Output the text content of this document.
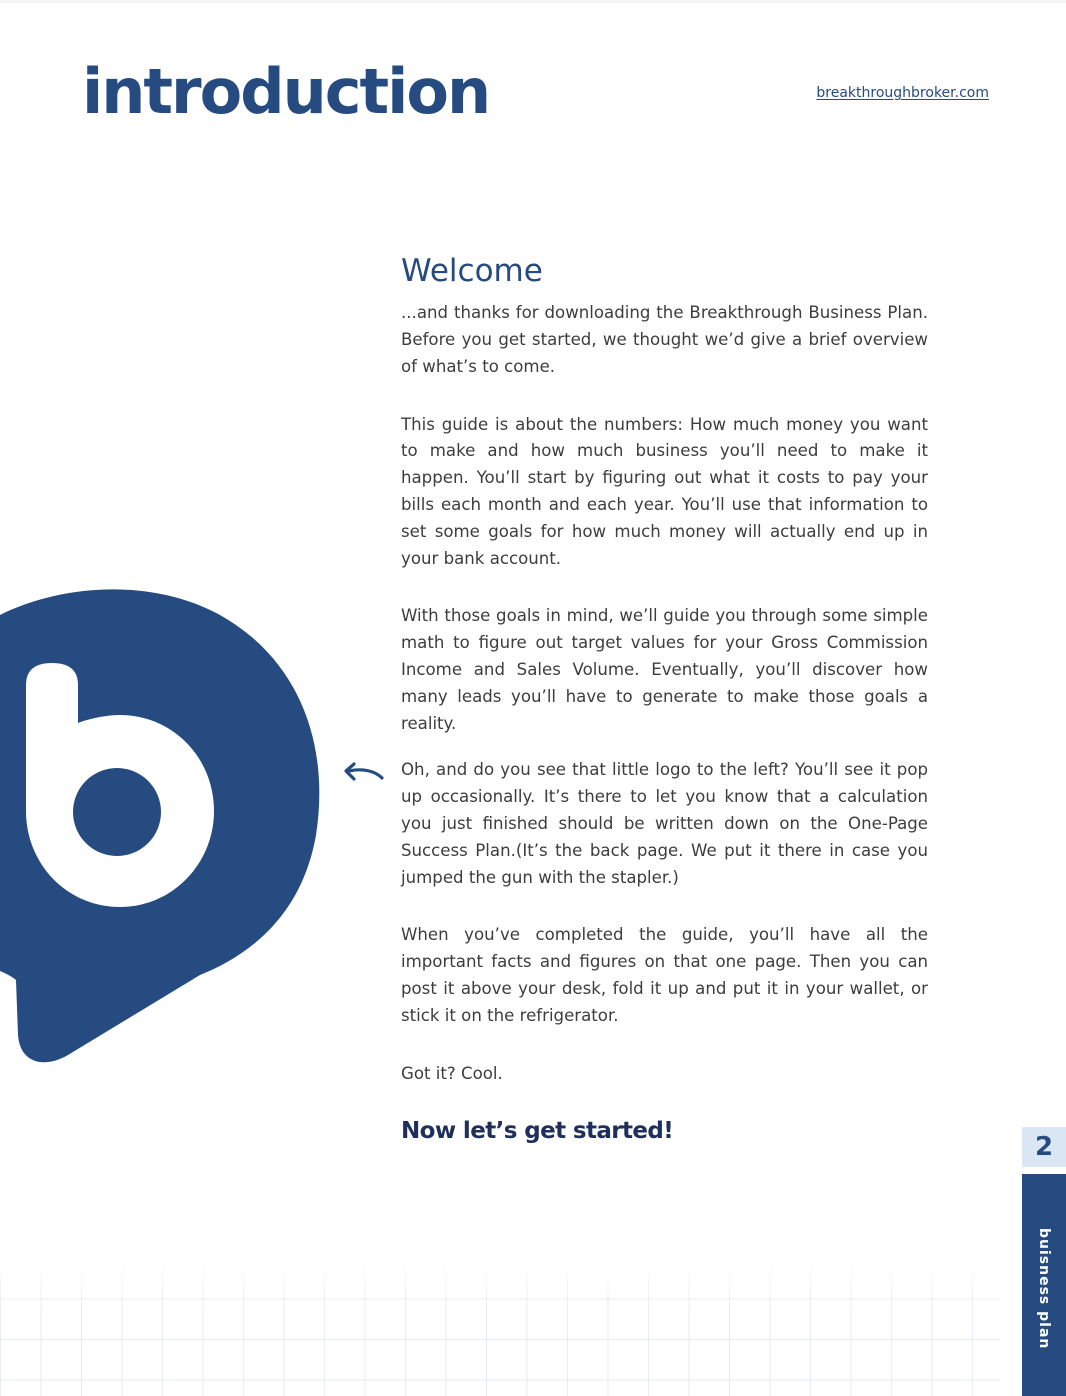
introduction	breakthroughbroker.com
Welcome

...and thanks for downloading the Breakthrough Business Plan. Before you get started, we thought we’d give a brief overview of what’s to come.

This guide is about the numbers: How much money you want to make and how much business you’ll need to make it happen. You’ll start by figuring out what it costs to pay your bills each month and each year. You’ll use that information to set some goals for how much money will actually end up in your bank account.

With those goals in mind, we’ll guide you through some simple math to figure out target values for your Gross Commission Income and Sales Volume. Eventually, you’ll discover how many leads you’ll have to generate to make those goals a reality.

Oh, and do you see that little logo to the left? You’ll see it pop up occasionally. It’s there to let you know that a calculation you just finished should be written down on the One-Page Success Plan.(It’s the back page. We put it there in case you jumped the gun with the stapler.)

When you’ve completed the guide, you’ll have all the important facts and figures on that one page. Then you can post it above your desk, fold it up and put it in your wallet, or stick it on the refrigerator.

Got it? Cool.

Now let’s get started!

2
buisness plan
